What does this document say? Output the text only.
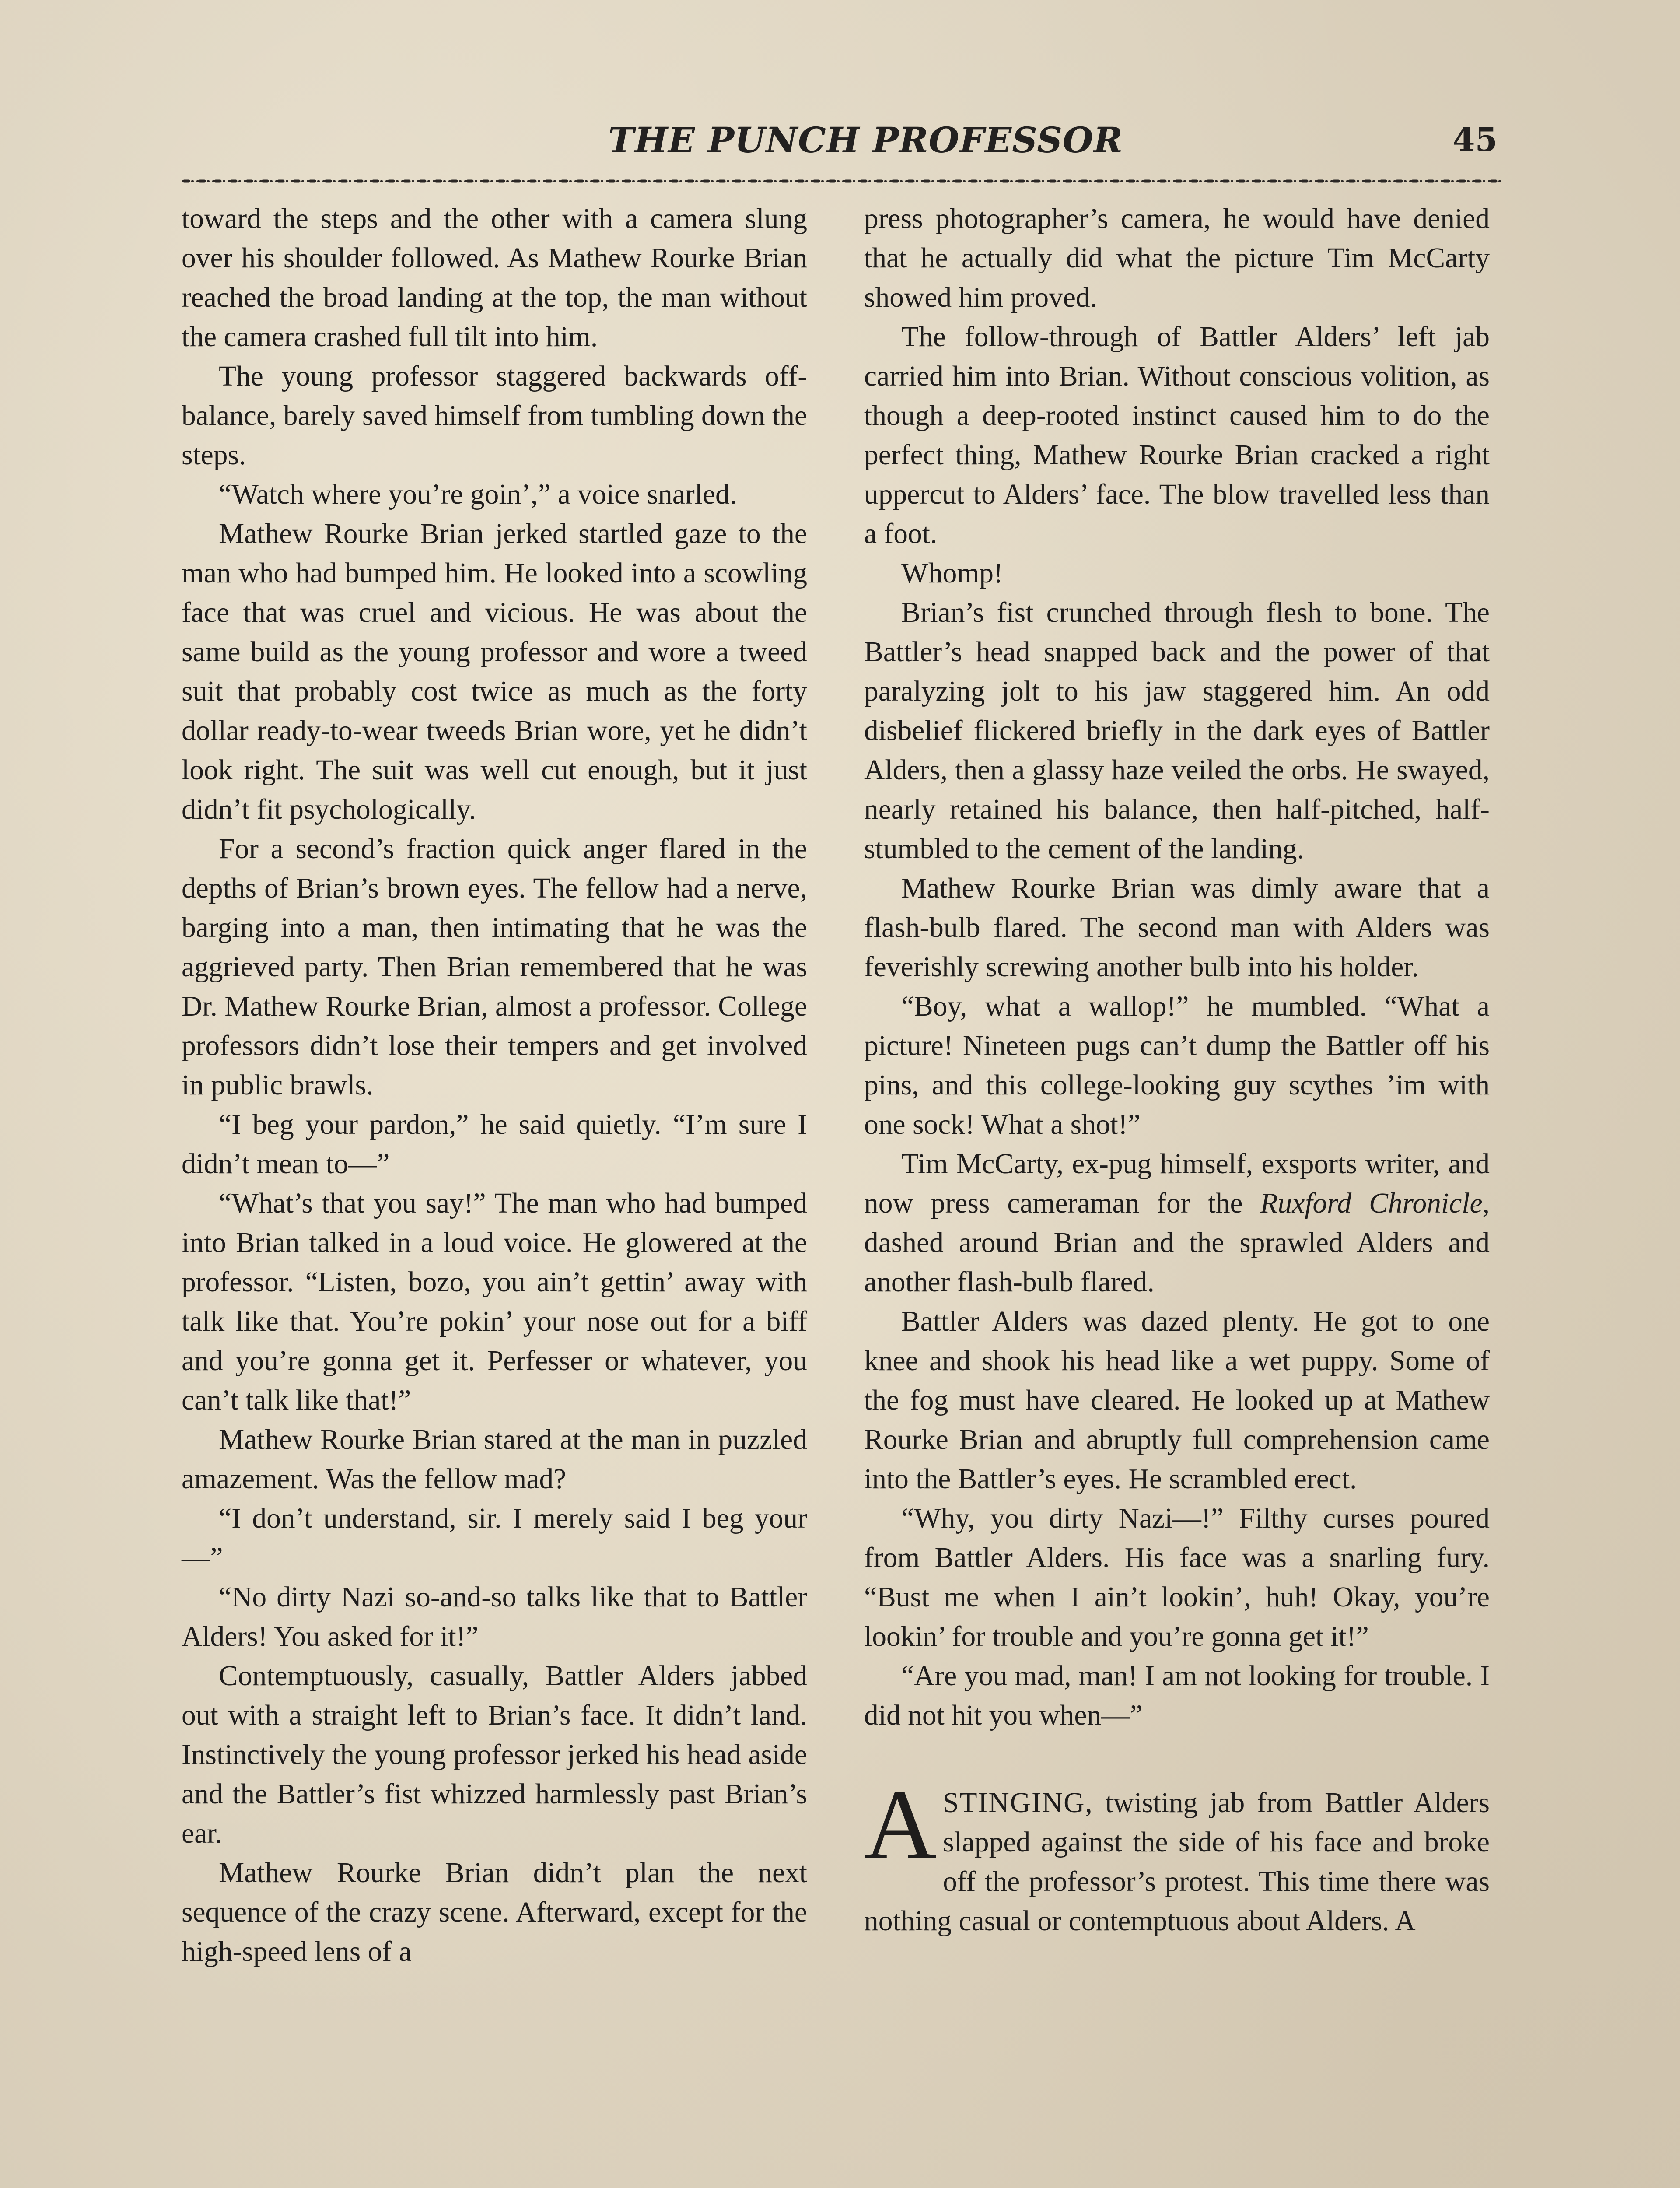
THE PUNCH PROFESSOR	45

toward the steps and the other with a camera slung over his shoulder followed. As Mathew Rourke Brian reached the broad landing at the top, the man without the camera crashed full tilt into him.

The young professor staggered backwards off-balance, barely saved himself from tumbling down the steps.

“Watch where you’re goin’,” a voice snarled.

Mathew Rourke Brian jerked startled gaze to the man who had bumped him. He looked into a scowling face that was cruel and vicious. He was about the same build as the young professor and wore a tweed suit that probably cost twice as much as the forty dollar ready-to-wear tweeds Brian wore, yet he didn’t look right. The suit was well cut enough, but it just didn’t fit psychologically.

For a second’s fraction quick anger flared in the depths of Brian’s brown eyes. The fellow had a nerve, barging into a man, then intimating that he was the aggrieved party. Then Brian remembered that he was Dr. Mathew Rourke Brian, almost a professor. College professors didn’t lose their tempers and get involved in public brawls.

“I beg your pardon,” he said quietly. “I’m sure I didn’t mean to—”

“What’s that you say!” The man who had bumped into Brian talked in a loud voice. He glowered at the professor. “Listen, bozo, you ain’t gettin’ away with talk like that. You’re pokin’ your nose out for a biff and you’re gonna get it. Perfesser or whatever, you can’t talk like that!”

Mathew Rourke Brian stared at the man in puzzled amazement. Was the fellow mad?

“I don’t understand, sir. I merely said I beg your—”

“No dirty Nazi so-and-so talks like that to Battler Alders! You asked for it!”

Contemptuously, casually, Battler Alders jabbed out with a straight left to Brian’s face. It didn’t land. Instinctively the young professor jerked his head aside and the Battler’s fist whizzed harmlessly past Brian’s ear.

Mathew Rourke Brian didn’t plan the next sequence of the crazy scene. Afterward, except for the high-speed lens of a

press photographer’s camera, he would have denied that he actually did what the picture Tim McCarty showed him proved.

The follow-through of Battler Alders’ left jab carried him into Brian. Without conscious volition, as though a deep-rooted instinct caused him to do the perfect thing, Mathew Rourke Brian cracked a right uppercut to Alders’ face. The blow travelled less than a foot.

Whomp!

Brian’s fist crunched through flesh to bone. The Battler’s head snapped back and the power of that paralyzing jolt to his jaw staggered him. An odd disbelief flickered briefly in the dark eyes of Battler Alders, then a glassy haze veiled the orbs. He swayed, nearly retained his balance, then half-pitched, half-stumbled to the cement of the landing.

Mathew Rourke Brian was dimly aware that a flash-bulb flared. The second man with Alders was feverishly screwing another bulb into his holder.

“Boy, what a wallop!” he mumbled. “What a picture! Nineteen pugs can’t dump the Battler off his pins, and this college-looking guy scythes ’im with one sock! What a shot!”

Tim McCarty, ex-pug himself, exsports writer, and now press cameraman for the Ruxford Chronicle, dashed around Brian and the sprawled Alders and another flash-bulb flared.

Battler Alders was dazed plenty. He got to one knee and shook his head like a wet puppy. Some of the fog must have cleared. He looked up at Mathew Rourke Brian and abruptly full comprehension came into the Battler’s eyes. He scrambled erect.

“Why, you dirty Nazi—!” Filthy curses poured from Battler Alders. His face was a snarling fury. “Bust me when I ain’t lookin’, huh! Okay, you’re lookin’ for trouble and you’re gonna get it!”

“Are you mad, man! I am not looking for trouble. I did not hit you when—”

ASTINGING, twisting jab from Battler Alders slapped against the side of his face and broke off the professor’s protest. This time there was nothing casual or contemptuous about Alders. A
